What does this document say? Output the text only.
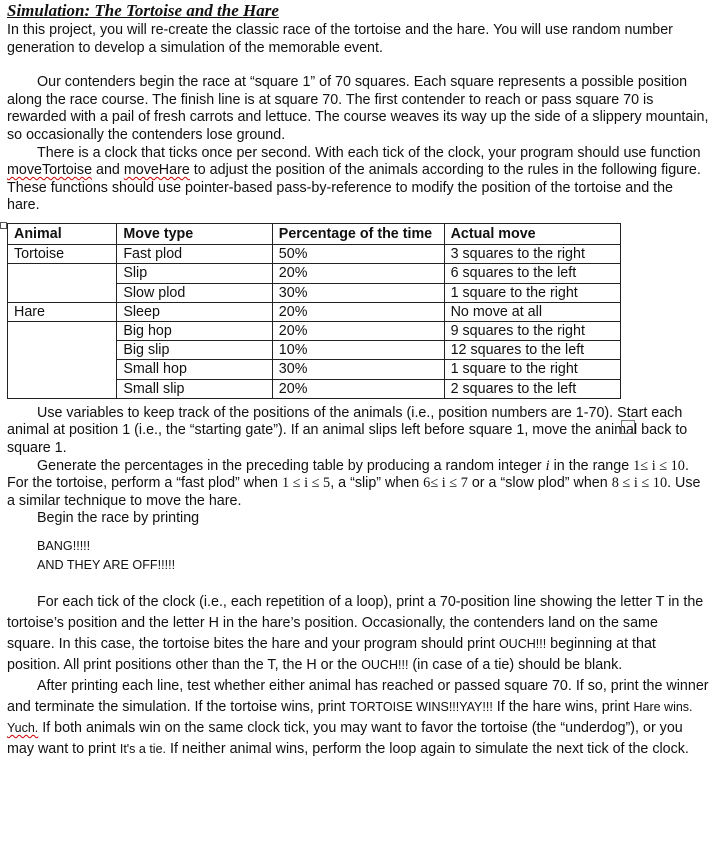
Simulation: The Tortoise and the Hare

In this project, you will re-create the classic race of the tortoise and the hare. You will use random number generation to develop a simulation of the memorable event.

Our contenders begin the race at “square 1” of 70 squares. Each square represents a possible position along the race course. The finish line is at square 70. The first contender to reach or pass square 70 is rewarded with a pail of fresh carrots and lettuce. The course weaves its way up the side of a slippery mountain, so occasionally the contenders lose ground.

There is a clock that ticks once per second. With each tick of the clock, your program should use function moveTortoise and moveHare to adjust the position of the animals according to the rules in the following figure. These functions should use pointer-based pass-by-reference to modify the position of the tortoise and the hare.

Animal	Move type	Percentage of the time	Actual move
Tortoise	Fast plod	50%	3 squares to the right
	Slip	20%	6 squares to the left
	Slow plod	30%	1 square to the right
Hare	Sleep	20%	No move at all
	Big hop	20%	9 squares to the right
	Big slip	10%	12 squares to the left
	Small hop	30%	1 square to the right
	Small slip	20%	2 squares to the left

Use variables to keep track of the positions of the animals (i.e., position numbers are 1-70). Start each animal at position 1 (i.e., the “starting gate”). If an animal slips left before square 1, move the animal back to square 1.

Generate the percentages in the preceding table by producing a random integer i in the range 1≤ i ≤ 10. For the tortoise, perform a “fast plod” when 1 ≤ i ≤ 5, a “slip” when 6≤ i ≤ 7 or a “slow plod” when 8 ≤ i ≤ 10. Use a similar technique to move the hare.

Begin the race by printing

BANG!!!!!

AND THEY ARE OFF!!!!!

For each tick of the clock (i.e., each repetition of a loop), print a 70-position line showing the letter T in the tortoise’s position and the letter H in the hare’s position. Occasionally, the contenders land on the same square. In this case, the tortoise bites the hare and your program should print OUCH!!! beginning at that position. All print positions other than the T, the H or the OUCH!!! (in case of a tie) should be blank.

After printing each line, test whether either animal has reached or passed square 70. If so, print the winner and terminate the simulation. If the tortoise wins, print TORTOISE WINS!!!YAY!!! If the hare wins, print Hare wins. Yuch. If both animals win on the same clock tick, you may want to favor the tortoise (the “underdog”), or you may want to print It's a tie. If neither animal wins, perform the loop again to simulate the next tick of the clock.
